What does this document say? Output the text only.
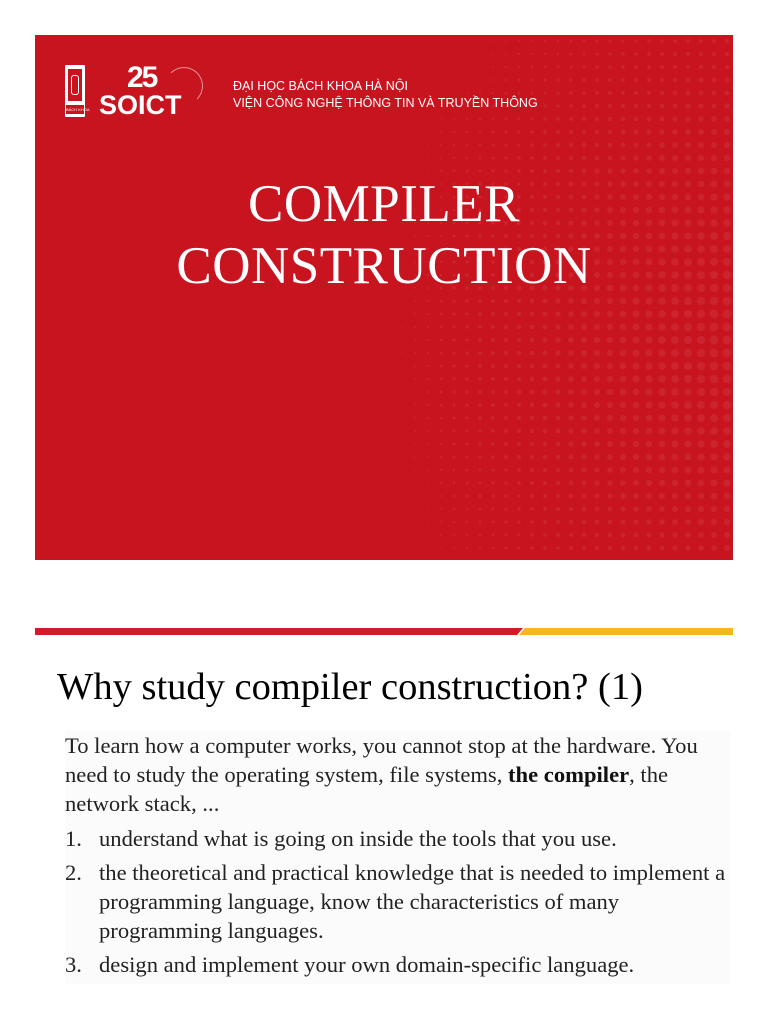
BÁCH KHOA
25
SOICT
ĐẠI HỌC BÁCH KHOA HÀ NỘI
VIỆN CÔNG NGHỆ THÔNG TIN VÀ TRUYỀN THÔNG
COMPILER
CONSTRUCTION
Why study compiler construction? (1)

To learn how a computer works, you cannot stop at the hardware. You need to study the operating system, file systems, the compiler, the network stack, ...

1. understand what is going on inside the tools that you use.
2. the theoretical and practical knowledge that is needed to implement a programming language, know the characteristics of many programming languages.
3. design and implement your own domain-specific language.
